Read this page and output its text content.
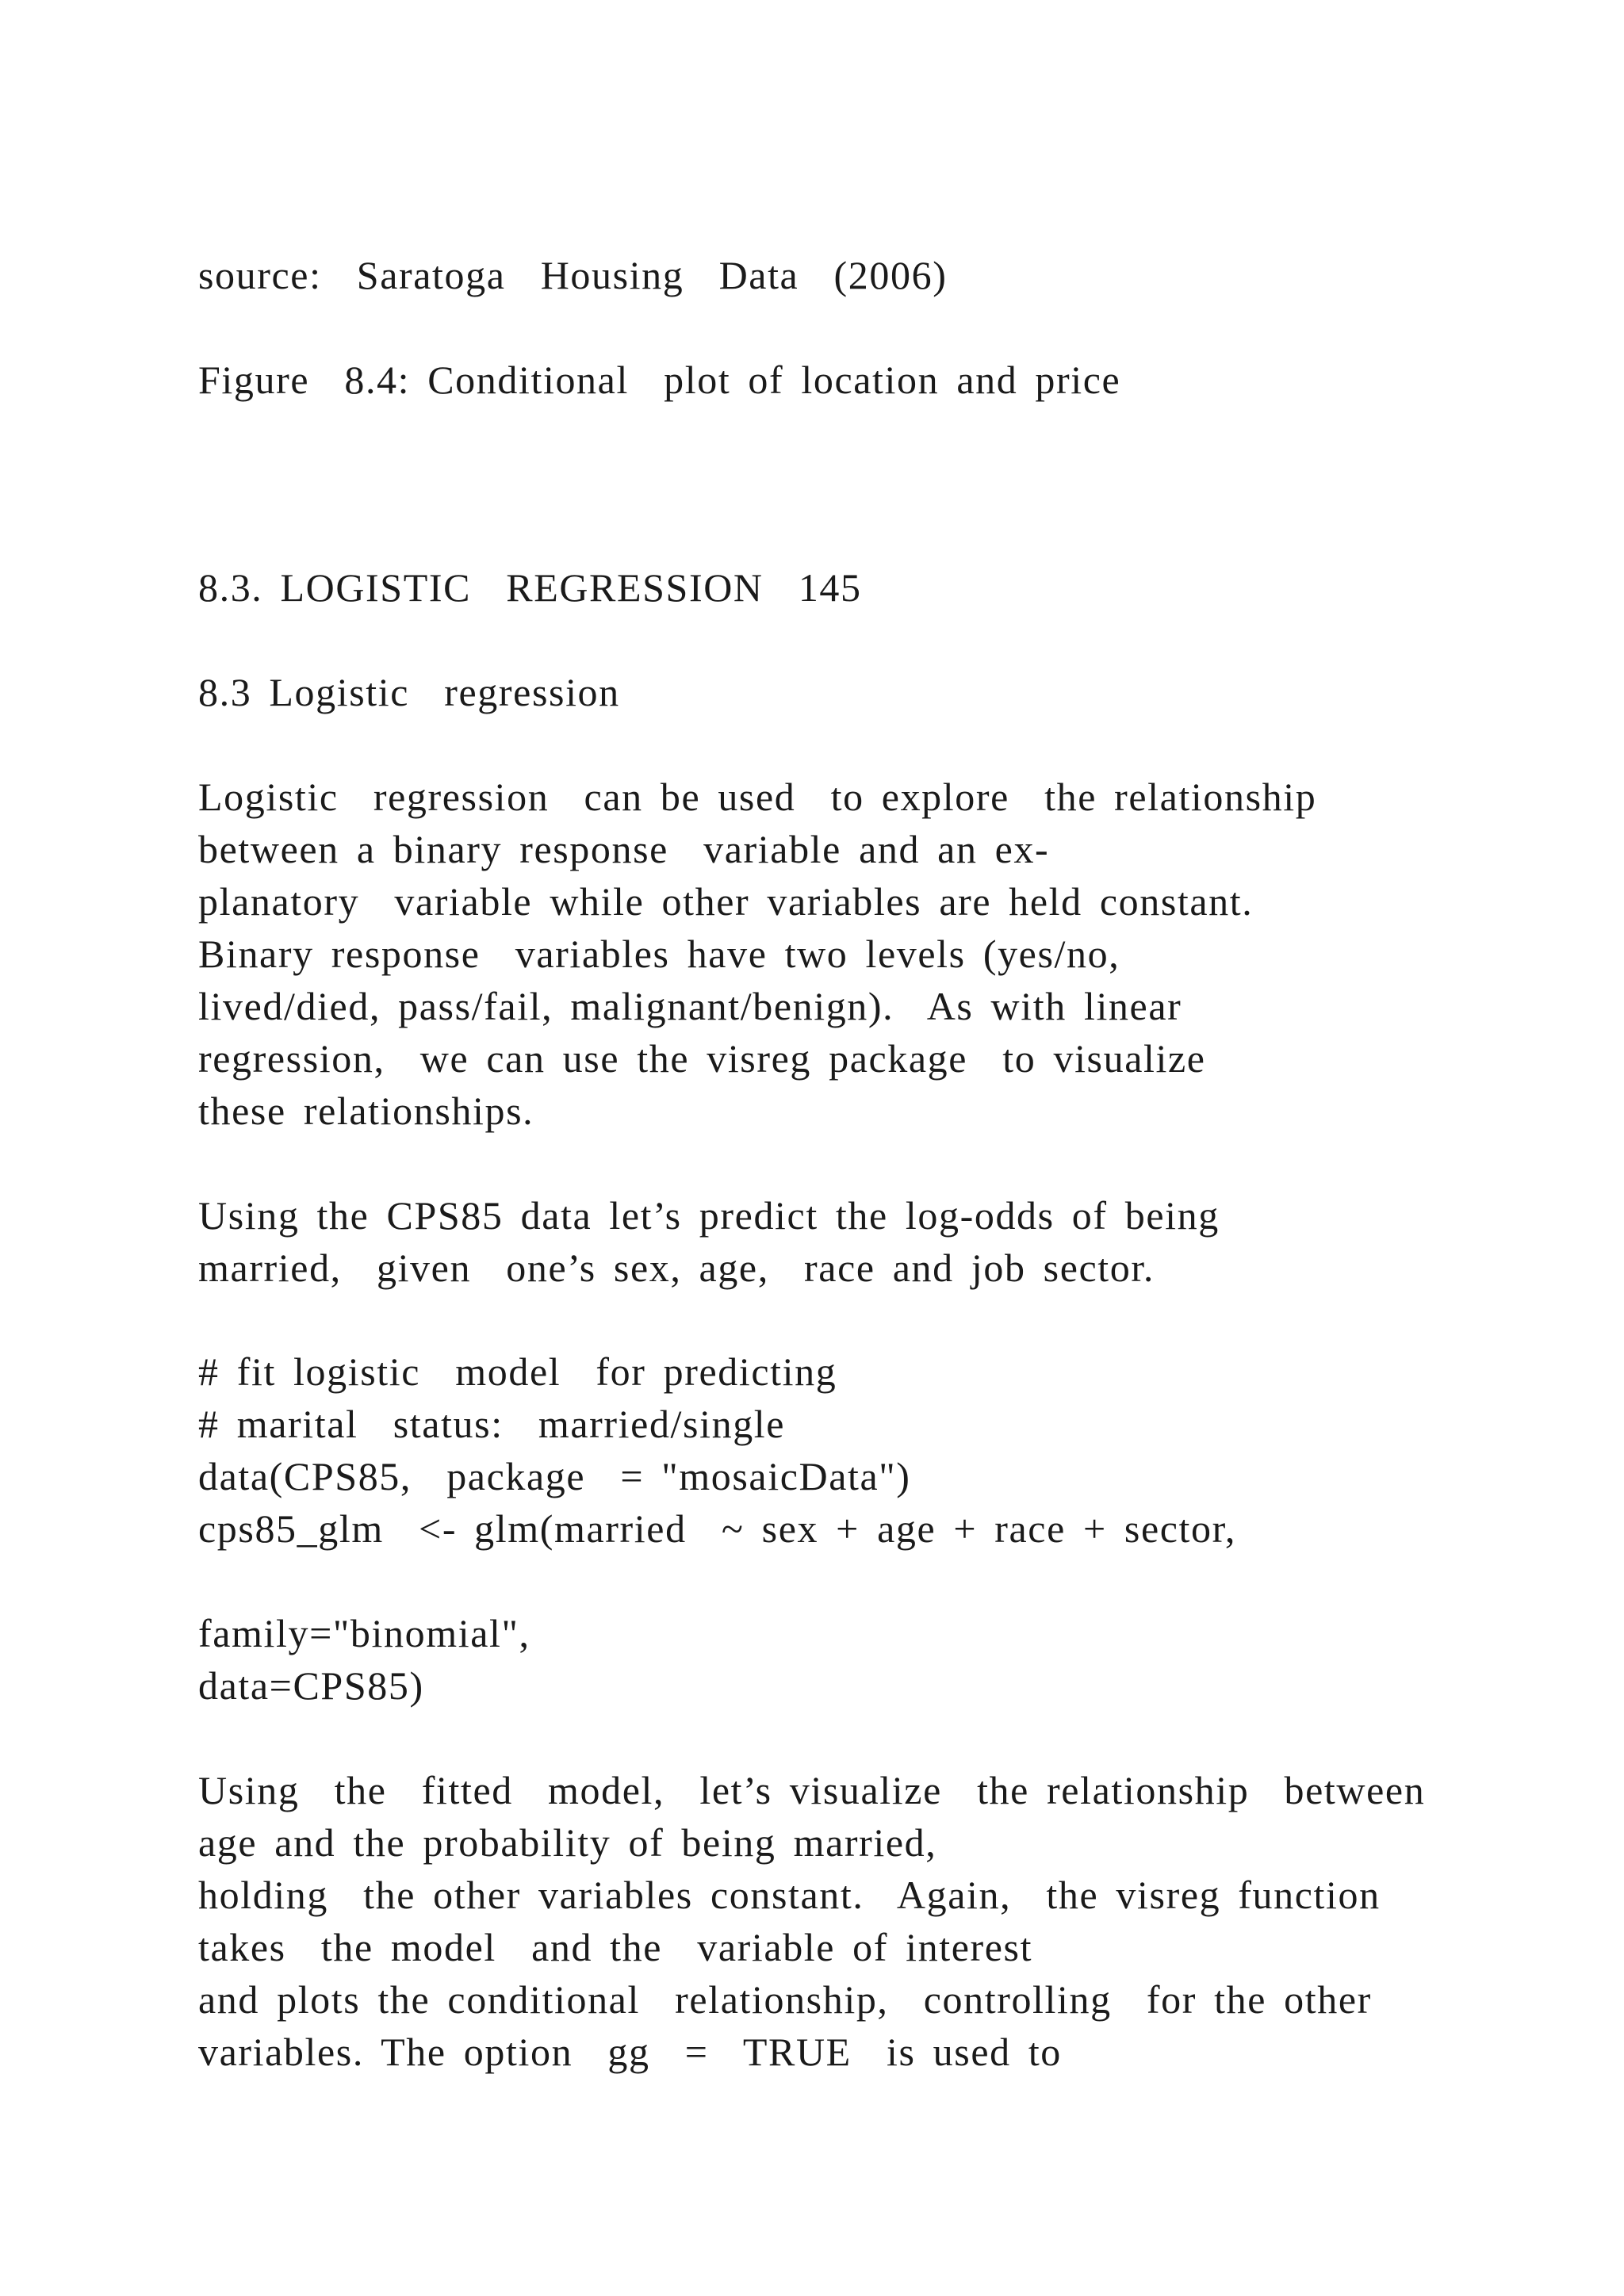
source:  Saratoga  Housing  Data  (2006)
Figure  8.4: Conditional  plot of location and price
8.3. LOGISTIC  REGRESSION  145
8.3 Logistic  regression
Logistic  regression  can be used  to explore  the relationship
between a binary response  variable and an ex-
planatory  variable while other variables are held constant.
Binary response  variables have two levels (yes/no,
lived/died, pass/fail, malignant/benign).  As with linear
regression,  we can use the visreg package  to visualize
these relationships.
Using the CPS85 data let’s predict the log-odds of being
married,  given  one’s sex, age,  race and job sector.
# fit logistic  model  for predicting
# marital  status:  married/single
data(CPS85,  package  = "mosaicData")
cps85_glm  <- glm(married  ~ sex + age + race + sector,
family="binomial",
data=CPS85)
Using  the  fitted  model,  let’s visualize  the relationship  between
age and the probability of being married,
holding  the other variables constant.  Again,  the visreg function
takes  the model  and the  variable of interest
and plots the conditional  relationship,  controlling  for the other
variables. The option  gg  =  TRUE  is used to
